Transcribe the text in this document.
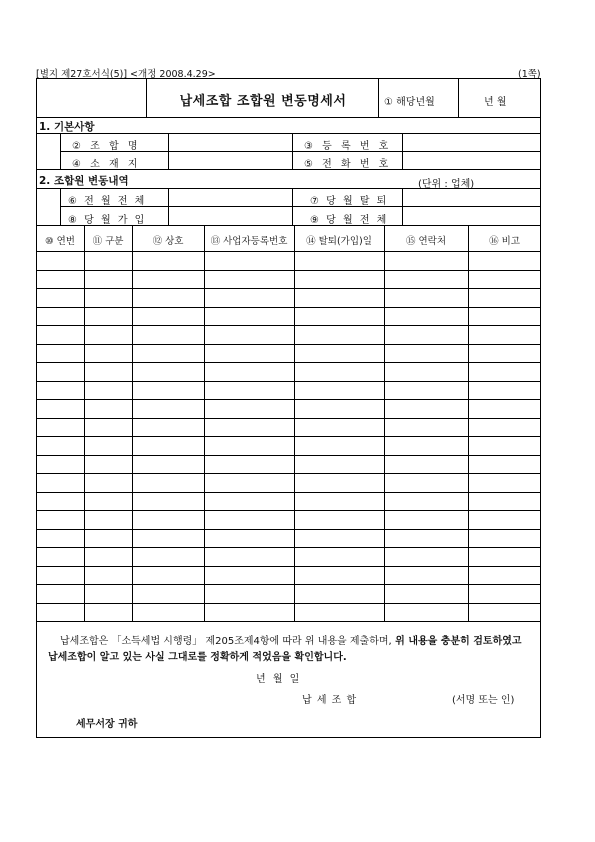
[별지 제27호서식(5)] <개정 2008.4.29>	(1쪽)
납세조합 조합원 변동명세서	① 해당년월	년 월
1. 기본사항
② 조 합 명	③ 등 록 번 호
④ 소 재 지	⑤ 전 화 번 호
2. 조합원 변동내역	(단위 : 업체)
⑥ 전 월 전 체	⑦ 당 월 탈 퇴
⑧ 당 월 가 입	⑨ 당 월 전 체
⑩ 연번	⑪ 구분	⑫ 상호	⑬ 사업자등록번호	⑭ 탈퇴(가입)일	⑮ 연락처	⑯ 비고
납세조합은 「소득세법 시행령」 제205조제4항에 따라 위 내용을 제출하며, 위 내용을 충분히 검토하였고
납세조합이 알고 있는 사실 그대로를 정확하게 적었음을 확인합니다.
년 월 일
납 세 조 합	(서명 또는 인)
세무서장 귀하
